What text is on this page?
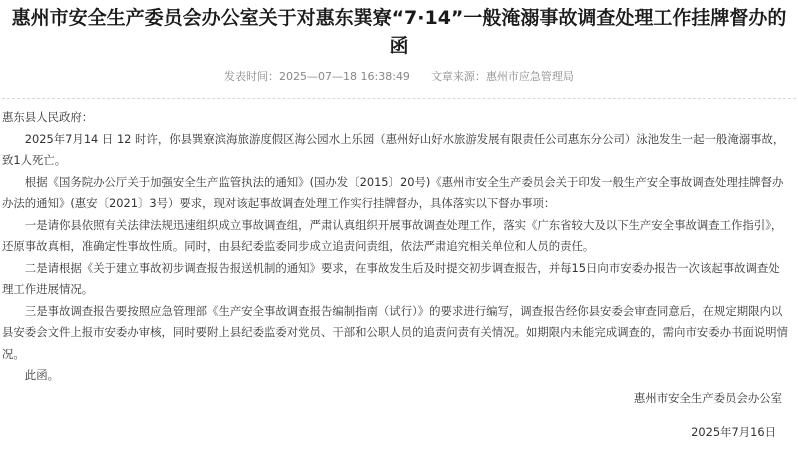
惠州市安全生产委员会办公室关于对惠东巽寮“7·14”一般淹溺事故调查处理工作挂牌督办的
函
发表时间：2025—07—18 16:38:49 文章来源：惠州市应急管理局

惠东县人民政府：

2025年7月14 日 12 时许，你县巽寮滨海旅游度假区海公园水上乐园（惠州好山好水旅游发展有限责任公司惠东分公司）泳池发生一起一般淹溺事故，致1人死亡。

根据《国务院办公厅关于加强安全生产监管执法的通知》(国办发〔2015〕20号)《惠州市安全生产委员会关于印发一般生产安全事故调查处理挂牌督办办法的通知》(惠安〔2021〕3号）要求，现对该起事故调查处理工作实行挂牌督办，具体落实以下督办事项：

一是请你县依照有关法律法规迅速组织成立事故调查组，严肃认真组织开展事故调查处理工作，落实《广东省较大及以下生产安全事故调查工作指引》，还原事故真相，准确定性事故性质。同时，由县纪委监委同步成立追责问责组，依法严肃追究相关单位和人员的责任。

二是请根据《关于建立事故初步调查报告报送机制的通知》要求，在事故发生后及时提交初步调查报告，并每15日向市安委办报告一次该起事故调查处理工作进展情况。

三是事故调查报告要按照应急管理部《生产安全事故调查报告编制指南（试行）》的要求进行编写，调查报告经你县安委会审查同意后，在规定期限内以县安委会文件上报市安委办审核，同时要附上县纪委监委对党员、干部和公职人员的追责问责有关情况。如期限内未能完成调查的，需向市安委办书面说明情况。

此函。

惠州市安全生产委员会办公室
2025年7月16日
